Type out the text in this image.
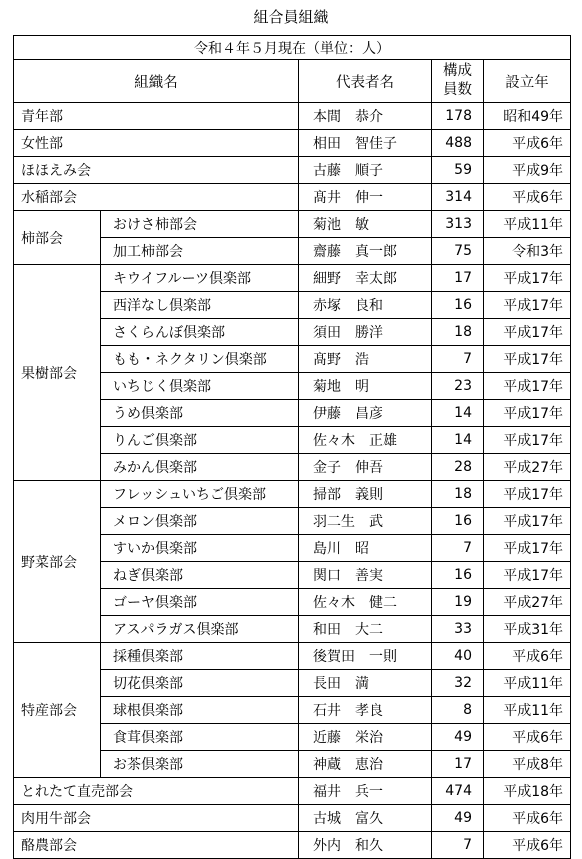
組合員組織
令和４年５月現在（単位：人）				
組織名		代表者名	構成
員数	設立年
青年部		本間　恭介	178	昭和49年
女性部		相田　智佳子	488	平成6年
ほほえみ会		古藤　順子	59	平成9年
水稲部会		髙井　伸一	314	平成6年
柿部会	おけさ柿部会	菊池　敏	313	平成11年
	加工柿部会	齋藤　真一郎	75	令和3年
果樹部会	キウイフルーツ倶楽部	細野　幸太郎	17	平成17年
	西洋なし倶楽部	赤塚　良和	16	平成17年
	さくらんぼ倶楽部	須田　勝洋	18	平成17年
	もも・ネクタリン倶楽部	髙野　浩	7	平成17年
	いちじく倶楽部	菊地　明	23	平成17年
	うめ倶楽部	伊藤　昌彦	14	平成17年
	りんご倶楽部	佐々木　正雄	14	平成17年
	みかん倶楽部	金子　伸吾	28	平成27年
野菜部会	フレッシュいちご倶楽部	掃部　義則	18	平成17年
	メロン倶楽部	羽二生　武	16	平成17年
	すいか倶楽部	島川　昭	7	平成17年
	ねぎ倶楽部	関口　善実	16	平成17年
	ゴーヤ倶楽部	佐々木　健二	19	平成27年
	アスパラガス倶楽部	和田　大二	33	平成31年
特産部会	採種倶楽部	後賀田　一則	40	平成6年
	切花倶楽部	長田　満	32	平成11年
	球根倶楽部	石井　孝良	8	平成11年
	食茸倶楽部	近藤　栄治	49	平成6年
	お茶倶楽部	神蔵　恵治	17	平成8年
とれたて直売部会		福井　兵一	474	平成18年
肉用牛部会		古城　富久	49	平成6年
酪農部会		外内　和久	7	平成6年
